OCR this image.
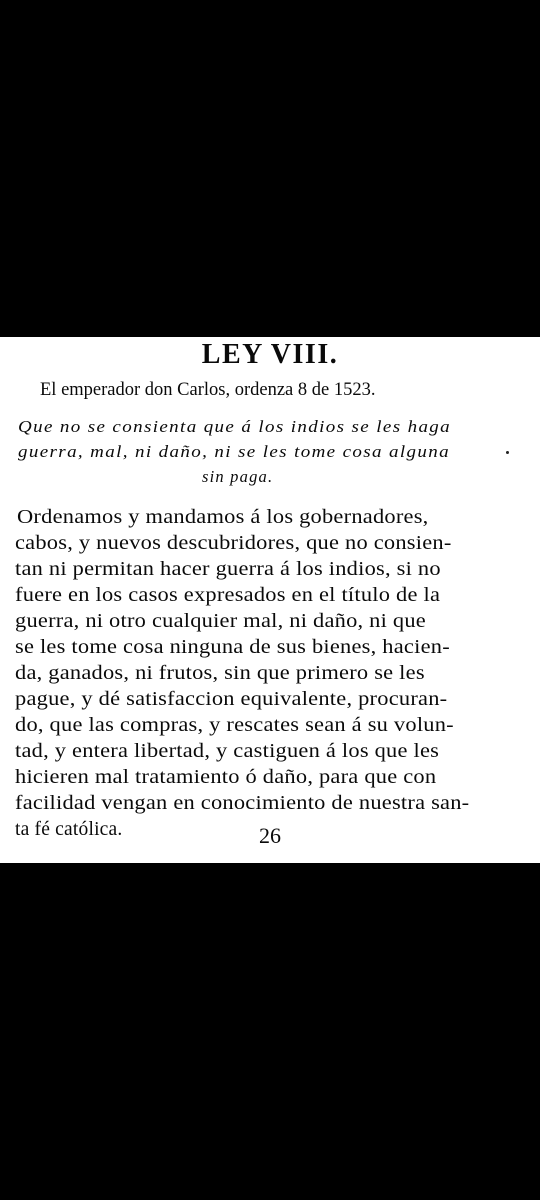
LEY VIII.
El emperador don Carlos, ordenza 8 de 1523.
Que no se consienta que á los indios se les haga
guerra, mal, ni daño, ni se les tome cosa alguna
sin paga.
Ordenamos y mandamos á los gobernadores,
cabos, y nuevos descubridores, que no consien-
tan ni permitan hacer guerra á los indios, si no
fuere en los casos expresados en el título de la
guerra, ni otro cualquier mal, ni daño, ni que
se les tome cosa ninguna de sus bienes, hacien-
da, ganados, ni frutos, sin que primero se les
pague, y dé satisfaccion equivalente, procuran-
do, que las compras, y rescates sean á su volun-
tad, y entera libertad, y castiguen á los que les
hicieren mal tratamiento ó daño, para que con
facilidad vengan en conocimiento de nuestra san-
ta fé católica.	26
